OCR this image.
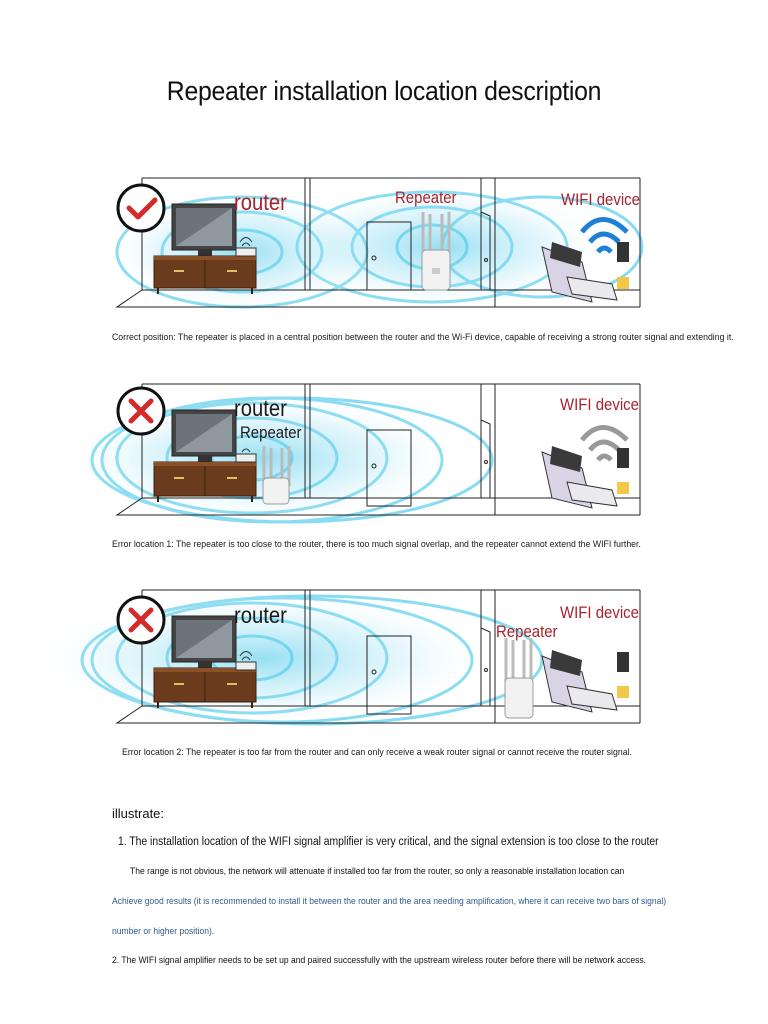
Repeater installation location description
router	Repeater	WIFI device
Correct position: The repeater is placed in a central position between the router and the Wi-Fi device, capable of receiving a strong router signal and extending it.
router
Repeater
WIFI device
Error location 1: The repeater is too close to the router, there is too much signal overlap, and the repeater cannot extend the WIFI further.
router
Repeater
WIFI device
Error location 2: The repeater is too far from the router and can only receive a weak router signal or cannot receive the router signal.
illustrate:
1. The installation location of the WIFI signal amplifier is very critical, and the signal extension is too close to the router
The range is not obvious, the network will attenuate if installed too far from the router, so only a reasonable installation location can
Achieve good results (it is recommended to install it between the router and the area needing amplification, where it can receive two bars of signal)
number or higher position).
2. The WIFI signal amplifier needs to be set up and paired successfully with the upstream wireless router before there will be network access.
